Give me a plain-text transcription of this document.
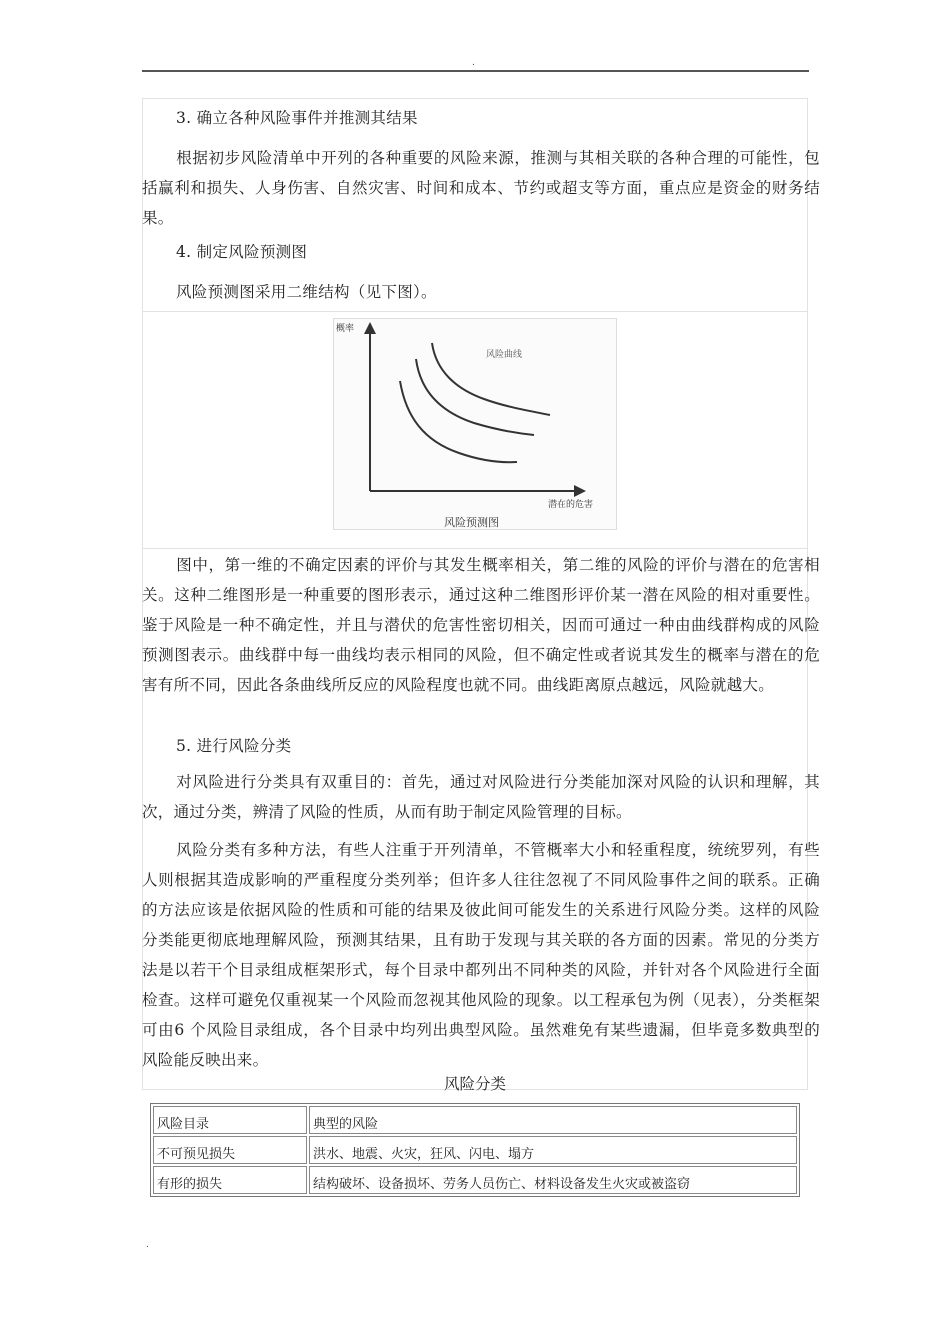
.

3. 确立各种风险事件并推测其结果

根据初步风险清单中开列的各种重要的风险来源，推测与其相关联的各种合理的可能性，包括赢利和损失、人身伤害、自然灾害、时间和成本、节约或超支等方面，重点应是资金的财务结果。

4. 制定风险预测图

风险预测图采用二维结构（见下图）。

概率
潜在的危害
风险曲线
风险预测图

图中，第一维的不确定因素的评价与其发生概率相关，第二维的风险的评价与潜在的危害相关。这种二维图形是一种重要的图形表示，通过这种二维图形评价某一潜在风险的相对重要性。鉴于风险是一种不确定性，并且与潜伏的危害性密切相关，因而可通过一种由曲线群构成的风险预测图表示。曲线群中每一曲线均表示相同的风险，但不确定性或者说其发生的概率与潜在的危害有所不同，因此各条曲线所反应的风险程度也就不同。曲线距离原点越远，风险就越大。

5. 进行风险分类

对风险进行分类具有双重目的：首先，通过对风险进行分类能加深对风险的认识和理解，其次，通过分类，辨清了风险的性质，从而有助于制定风险管理的目标。

风险分类有多种方法，有些人注重于开列清单，不管概率大小和轻重程度，统统罗列，有些人则根据其造成影响的严重程度分类列举；但许多人往往忽视了不同风险事件之间的联系。正确的方法应该是依据风险的性质和可能的结果及彼此间可能发生的关系进行风险分类。这样的风险分类能更彻底地理解风险，预测其结果，且有助于发现与其关联的各方面的因素。常见的分类方法是以若干个目录组成框架形式，每个目录中都列出不同种类的风险，并针对各个风险进行全面检查。这样可避免仅重视某一个风险而忽视其他风险的现象。以工程承包为例（见表），分类框架可由6 个风险目录组成，各个目录中均列出典型风险。虽然难免有某些遗漏，但毕竟多数典型的风险能反映出来。

风险分类
风险目录	典型的风险
不可预见损失	洪水、地震、火灾，狂风、闪电、塌方
有形的损失	结构破坏、设备损坏、劳务人员伤亡、材料设备发生火灾或被盗窃
.
